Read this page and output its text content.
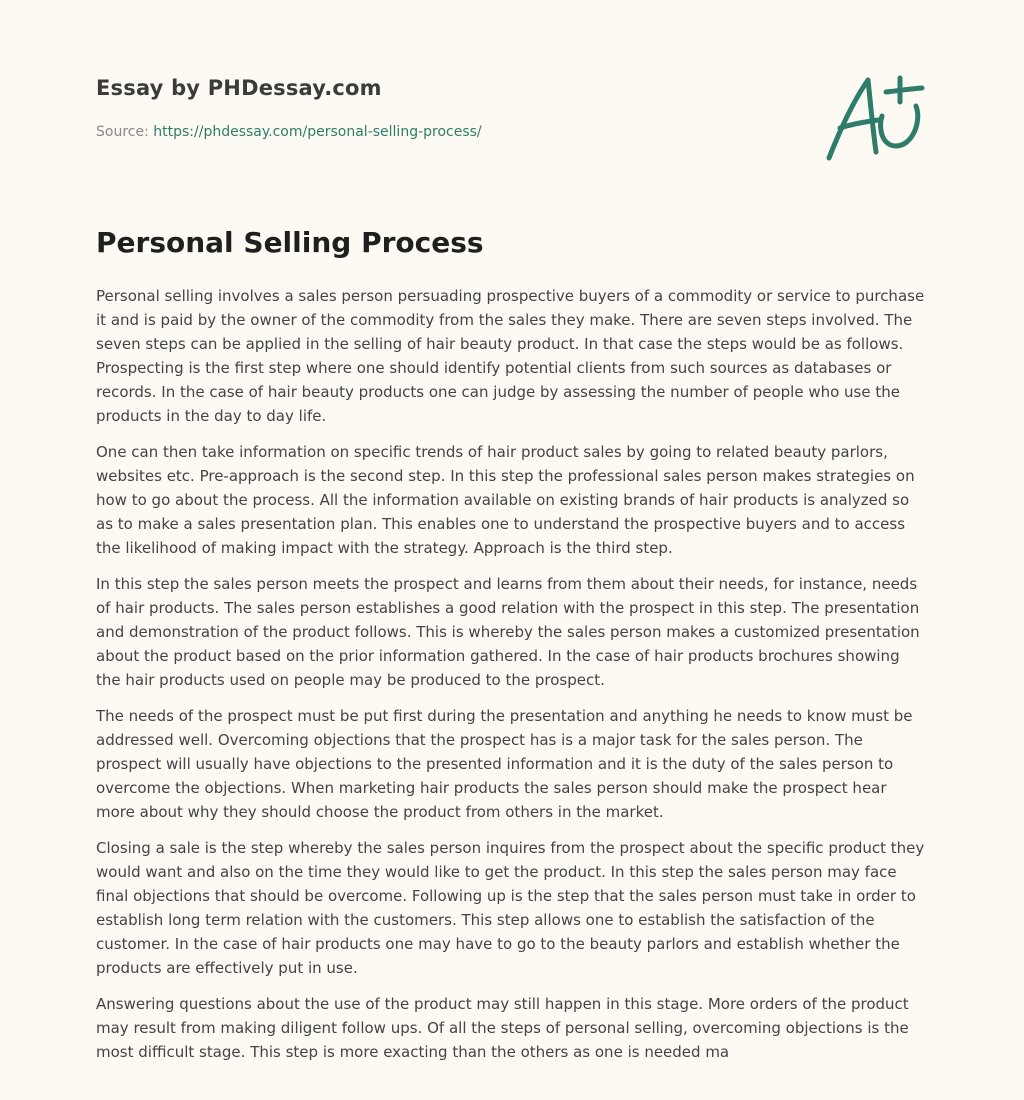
Essay by PHDessay.com
Source: https://phdessay.com/personal-selling-process/
Personal Selling Process

Personal selling involves a sales person persuading prospective buyers of a commodity or service to purchase it and is paid by the owner of the commodity from the sales they make. There are seven steps involved. The seven steps can be applied in the selling of hair beauty product. In that case the steps would be as follows. Prospecting is the first step where one should identify potential clients from such sources as databases or records. In the case of hair beauty products one can judge by assessing the number of people who use the products in the day to day life.

One can then take information on specific trends of hair product sales by going to related beauty parlors, websites etc. Pre-approach is the second step. In this step the professional sales person makes strategies on how to go about the process. All the information available on existing brands of hair products is analyzed so as to make a sales presentation plan. This enables one to understand the prospective buyers and to access the likelihood of making impact with the strategy. Approach is the third step.

In this step the sales person meets the prospect and learns from them about their needs, for instance, needs of hair products. The sales person establishes a good relation with the prospect in this step. The presentation and demonstration of the product follows. This is whereby the sales person makes a customized presentation about the product based on the prior information gathered. In the case of hair products brochures showing the hair products used on people may be produced to the prospect.

The needs of the prospect must be put first during the presentation and anything he needs to know must be addressed well. Overcoming objections that the prospect has is a major task for the sales person. The prospect will usually have objections to the presented information and it is the duty of the sales person to overcome the objections. When marketing hair products the sales person should make the prospect hear more about why they should choose the product from others in the market.

Closing a sale is the step whereby the sales person inquires from the prospect about the specific product they would want and also on the time they would like to get the product. In this step the sales person may face final objections that should be overcome. Following up is the step that the sales person must take in order to establish long term relation with the customers. This step allows one to establish the satisfaction of the customer. In the case of hair products one may have to go to the beauty parlors and establish whether the products are effectively put in use.

Answering questions about the use of the product may still happen in this stage. More orders of the product may result from making diligent follow ups. Of all the steps of personal selling, overcoming objections is the most difficult stage. This step is more exacting than the others as one is needed ma
